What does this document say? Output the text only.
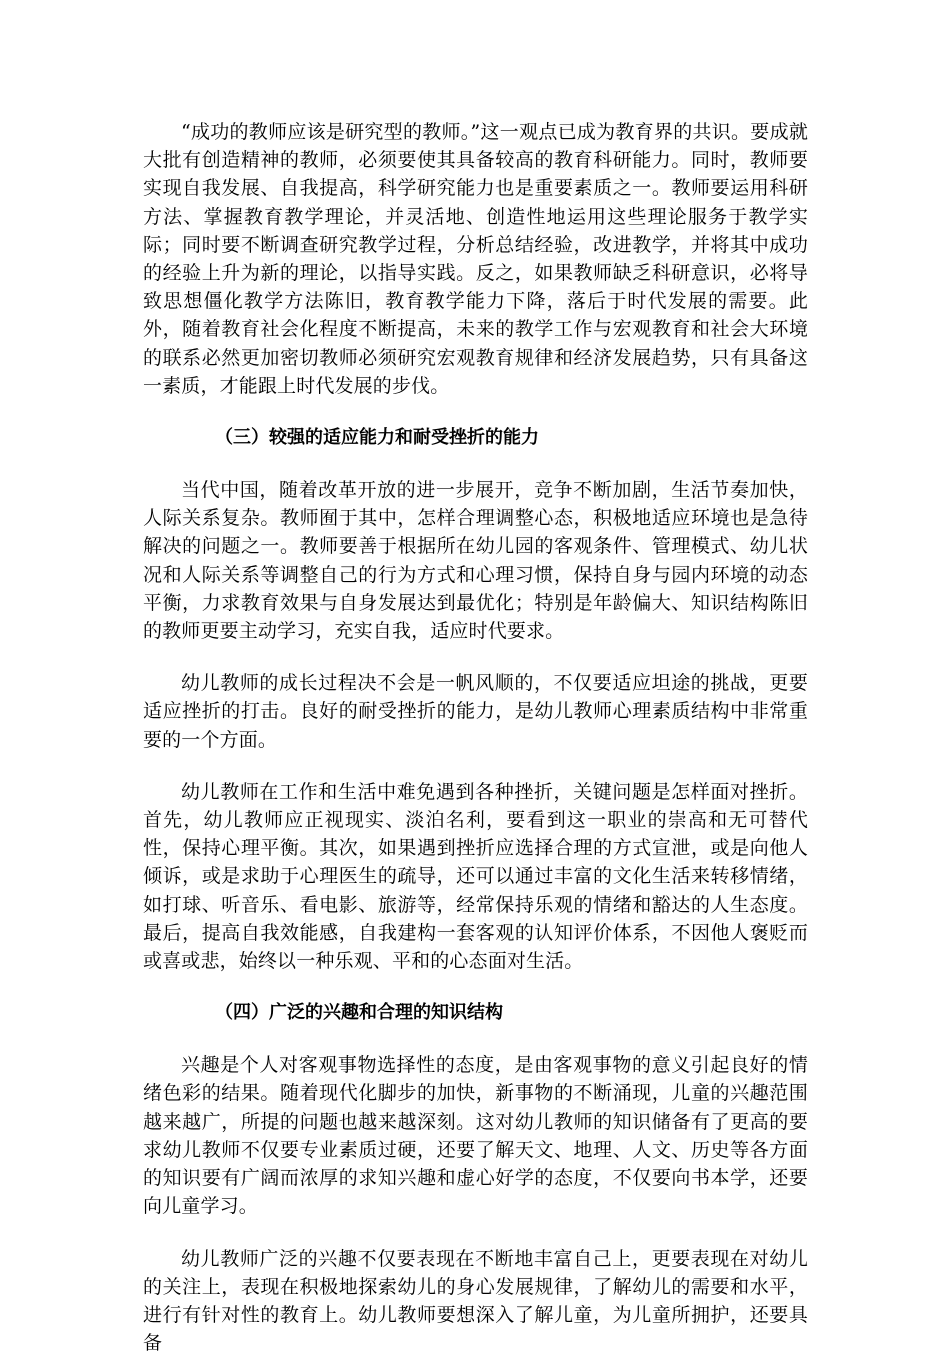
“成功的教师应该是研究型的教师。”这一观点已成为教育界的共识。要成就大批有创造精神的教师，必须要使其具备较高的教育科研能力。同时，教师要实现自我发展、自我提高，科学研究能力也是重要素质之一。教师要运用科研方法、掌握教育教学理论，并灵活地、创造性地运用这些理论服务于教学实际；同时要不断调查研究教学过程，分析总结经验，改进教学，并将其中成功的经验上升为新的理论，以指导实践。反之，如果教师缺乏科研意识，必将导致思想僵化教学方法陈旧，教育教学能力下降，落后于时代发展的需要。此外，随着教育社会化程度不断提高，未来的教学工作与宏观教育和社会大环境的联系必然更加密切教师必须研究宏观教育规律和经济发展趋势，只有具备这一素质，才能跟上时代发展的步伐。

（三）较强的适应能力和耐受挫折的能力

当代中国，随着改革开放的进一步展开，竞争不断加剧，生活节奏加快，人际关系复杂。教师囿于其中，怎样合理调整心态，积极地适应环境也是急待解决的问题之一。教师要善于根据所在幼儿园的客观条件、管理模式、幼儿状况和人际关系等调整自己的行为方式和心理习惯，保持自身与园内环境的动态平衡，力求教育效果与自身发展达到最优化；特别是年龄偏大、知识结构陈旧的教师更要主动学习，充实自我，适应时代要求。

幼儿教师的成长过程决不会是一帆风顺的，不仅要适应坦途的挑战，更要适应挫折的打击。良好的耐受挫折的能力，是幼儿教师心理素质结构中非常重要的一个方面。

幼儿教师在工作和生活中难免遇到各种挫折，关键问题是怎样面对挫折。首先，幼儿教师应正视现实、淡泊名利，要看到这一职业的崇高和无可替代性，保持心理平衡。其次，如果遇到挫折应选择合理的方式宣泄，或是向他人倾诉，或是求助于心理医生的疏导，还可以通过丰富的文化生活来转移情绪，如打球、听音乐、看电影、旅游等，经常保持乐观的情绪和豁达的人生态度。最后，提高自我效能感，自我建构一套客观的认知评价体系，不因他人褒贬而或喜或悲，始终以一种乐观、平和的心态面对生活。

（四）广泛的兴趣和合理的知识结构

兴趣是个人对客观事物选择性的态度，是由客观事物的意义引起良好的情绪色彩的结果。随着现代化脚步的加快，新事物的不断涌现，儿童的兴趣范围越来越广，所提的问题也越来越深刻。这对幼儿教师的知识储备有了更高的要求幼儿教师不仅要专业素质过硬，还要了解天文、地理、人文、历史等各方面的知识要有广阔而浓厚的求知兴趣和虚心好学的态度，不仅要向书本学，还要向儿童学习。

幼儿教师广泛的兴趣不仅要表现在不断地丰富自己上，更要表现在对幼儿的关注上，表现在积极地探索幼儿的身心发展规律，了解幼儿的需要和水平，进行有针对性的教育上。幼儿教师要想深入了解儿童，为儿童所拥护，还要具备
